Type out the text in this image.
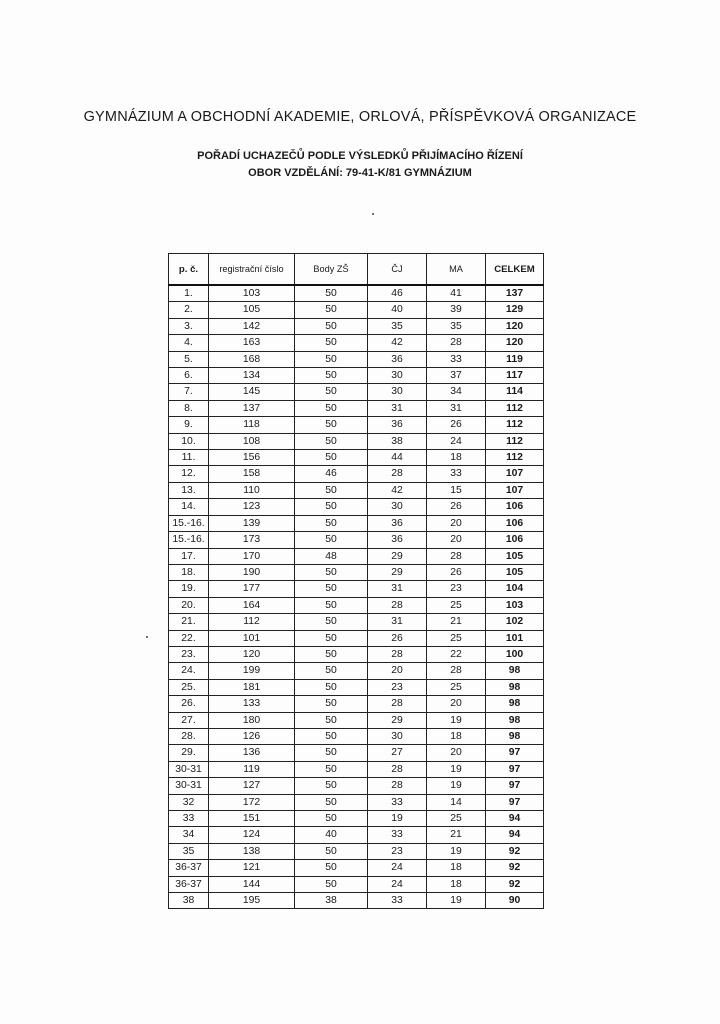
GYMNÁZIUM A OBCHODNÍ AKADEMIE, ORLOVÁ, PŘÍSPĚVKOVÁ ORGANIZACE
POŘADÍ UCHAZEČŮ PODLE VÝSLEDKŮ PŘIJÍMACÍHO ŘÍZENÍ
OBOR VZDĚLÁNÍ: 79-41-K/81 GYMNÁZIUM
p. č.	registrační číslo	Body ZŠ	ČJ	MA	CELKEM
1.	103	50	46	41	137
2.	105	50	40	39	129
3.	142	50	35	35	120
4.	163	50	42	28	120
5.	168	50	36	33	119
6.	134	50	30	37	117
7.	145	50	30	34	114
8.	137	50	31	31	112
9.	118	50	36	26	112
10.	108	50	38	24	112
11.	156	50	44	18	112
12.	158	46	28	33	107
13.	110	50	42	15	107
14.	123	50	30	26	106
15.-16.	139	50	36	20	106
15.-16.	173	50	36	20	106
17.	170	48	29	28	105
18.	190	50	29	26	105
19.	177	50	31	23	104
20.	164	50	28	25	103
21.	112	50	31	21	102
22.	101	50	26	25	101
23.	120	50	28	22	100
24.	199	50	20	28	98
25.	181	50	23	25	98
26.	133	50	28	20	98
27.	180	50	29	19	98
28.	126	50	30	18	98
29.	136	50	27	20	97
30-31	119	50	28	19	97
30-31	127	50	28	19	97
32	172	50	33	14	97
33	151	50	19	25	94
34	124	40	33	21	94
35	138	50	23	19	92
36-37	121	50	24	18	92
36-37	144	50	24	18	92
38	195	38	33	19	90
